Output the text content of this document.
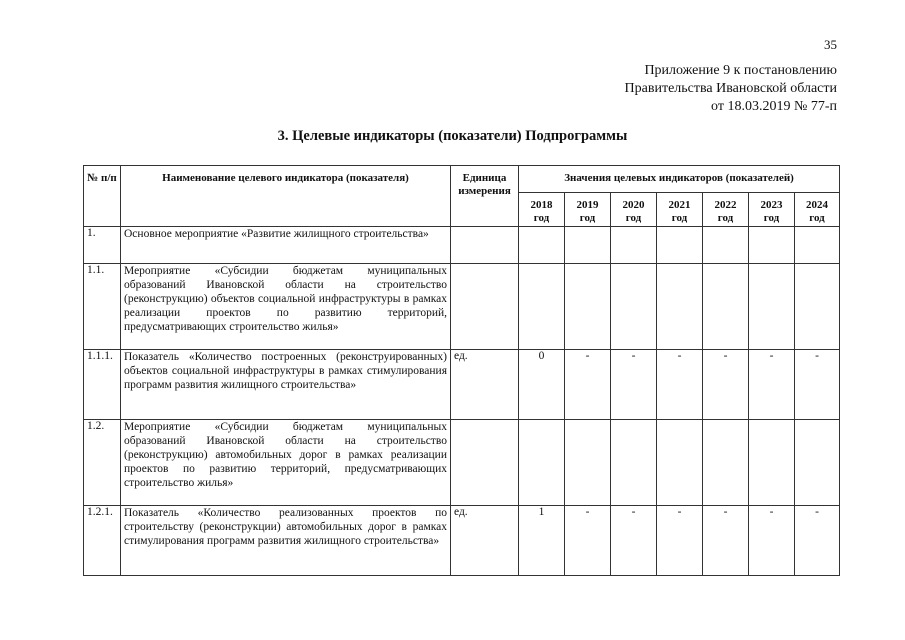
35
Приложение 9 к постановлению
Правительства Ивановской области
от 18.03.2019 № 77-п
3. Целевые индикаторы (показатели) Подпрограммы
№ п/п	Наименование целевого индикатора (показателя)	Единица измерения	Значения целевых индикаторов (показателей)						
			2018 год	2019 год	2020 год	2021 год	2022 год	2023 год	2024 год
1.	Основное мероприятие «Развитие жилищного строительства»								
1.1.	Мероприятие «Субсидии бюджетам муниципальных образований Ивановской области на строительство (реконструкцию) объектов социальной инфраструктуры в рамках реализации проектов по развитию территорий, предусматривающих строительство жилья»								
1.1.1.	Показатель «Количество построенных (реконструированных) объектов социальной инфраструктуры в рамках стимулирования программ развития жилищного строительства»	ед.	0	-	-	-	-	-	-
1.2.	Мероприятие «Субсидии бюджетам муниципальных образований Ивановской области на строительство (реконструкцию) автомобильных дорог в рамках реализации проектов по развитию территорий, предусматривающих строительство жилья»								
1.2.1.	Показатель «Количество реализованных проектов по строительству (реконструкции) автомобильных дорог в рамках стимулирования программ развития жилищного строительства»	ед.	1	-	-	-	-	-	-
